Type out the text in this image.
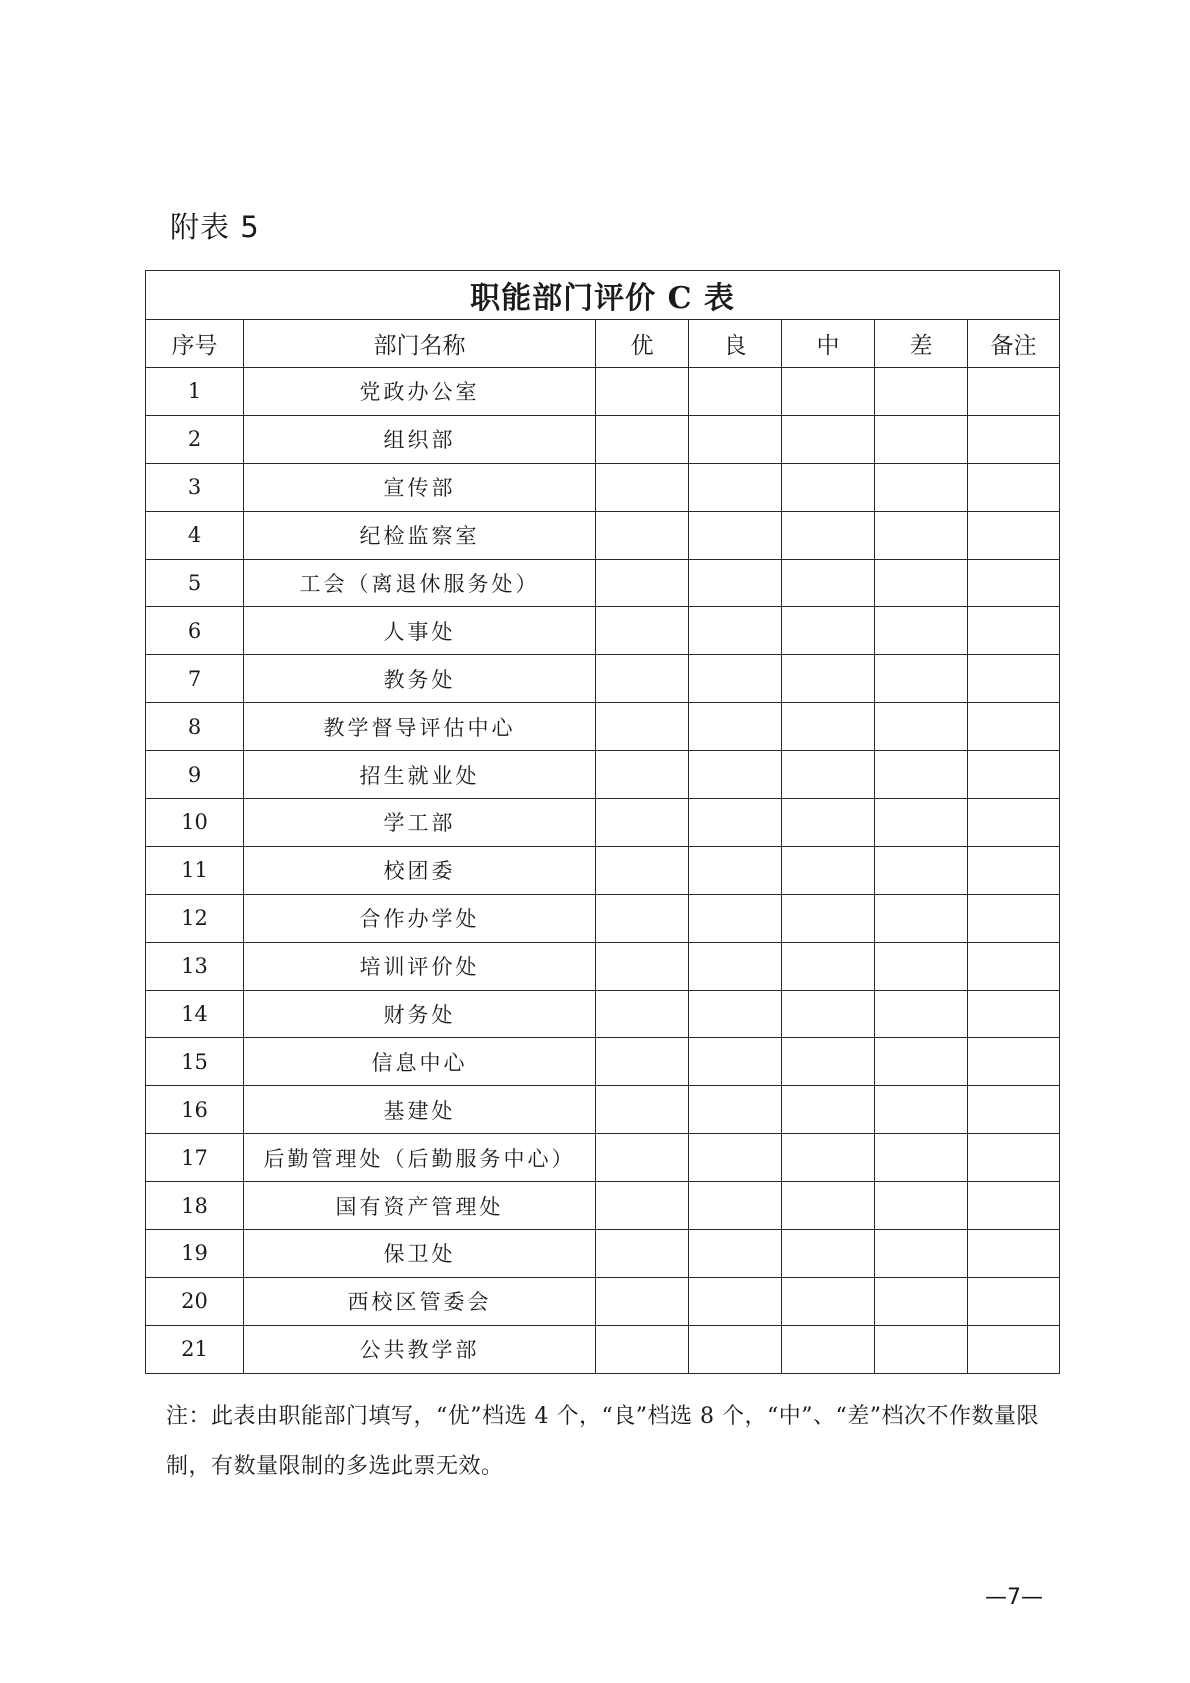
附表 5
职能部门评价 C 表						
序号	部门名称	优	良	中	差	备注
1	党政办公室					
2	组织部					
3	宣传部					
4	纪检监察室					
5	工会（离退休服务处）					
6	人事处					
7	教务处					
8	教学督导评估中心					
9	招生就业处					
10	学工部					
11	校团委					
12	合作办学处					
13	培训评价处					
14	财务处					
15	信息中心					
16	基建处					
17	后勤管理处（后勤服务中心）					
18	国有资产管理处					
19	保卫处					
20	西校区管委会					
21	公共教学部					
注：此表由职能部门填写，“优”档选 4 个，“良”档选 8 个，“中”、“差”档次不作数量限制，有数量限制的多选此票无效。
—7—
